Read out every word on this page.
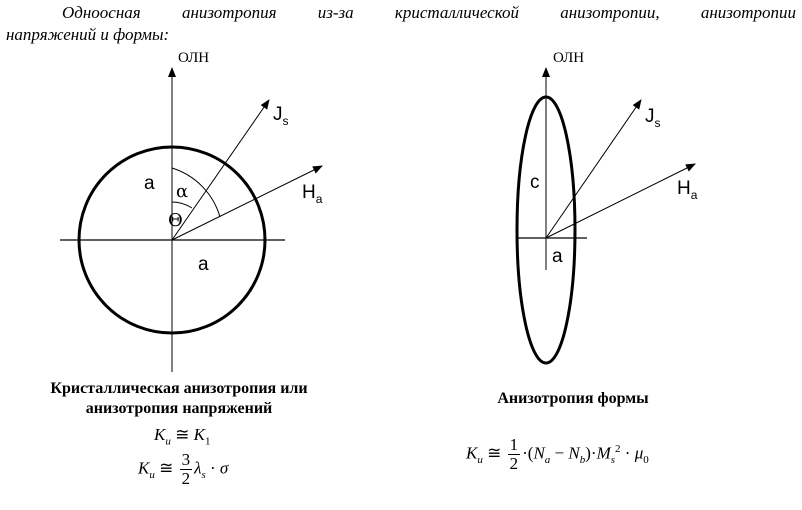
Одноосная анизотропия из-за кристаллической анизотропии, анизотропии
напряжений и формы:
ОЛН
$J_s$
$H_a$
a
a
α
Θ
ОЛН
$J_s$
$H_a$
c
a
Кристаллическая анизотропия или
анизотропия напряжений
Анизотропия формы
$K_u$ ≅ $K_1$
$K_u$ ≅ $\frac{3}{2} \lambda_s \cdot \sigma$
$K_u$ ≅ $\frac{1}{2} \cdot(N_a - N_b)\cdot M_s^2 \cdot \mu_0$
